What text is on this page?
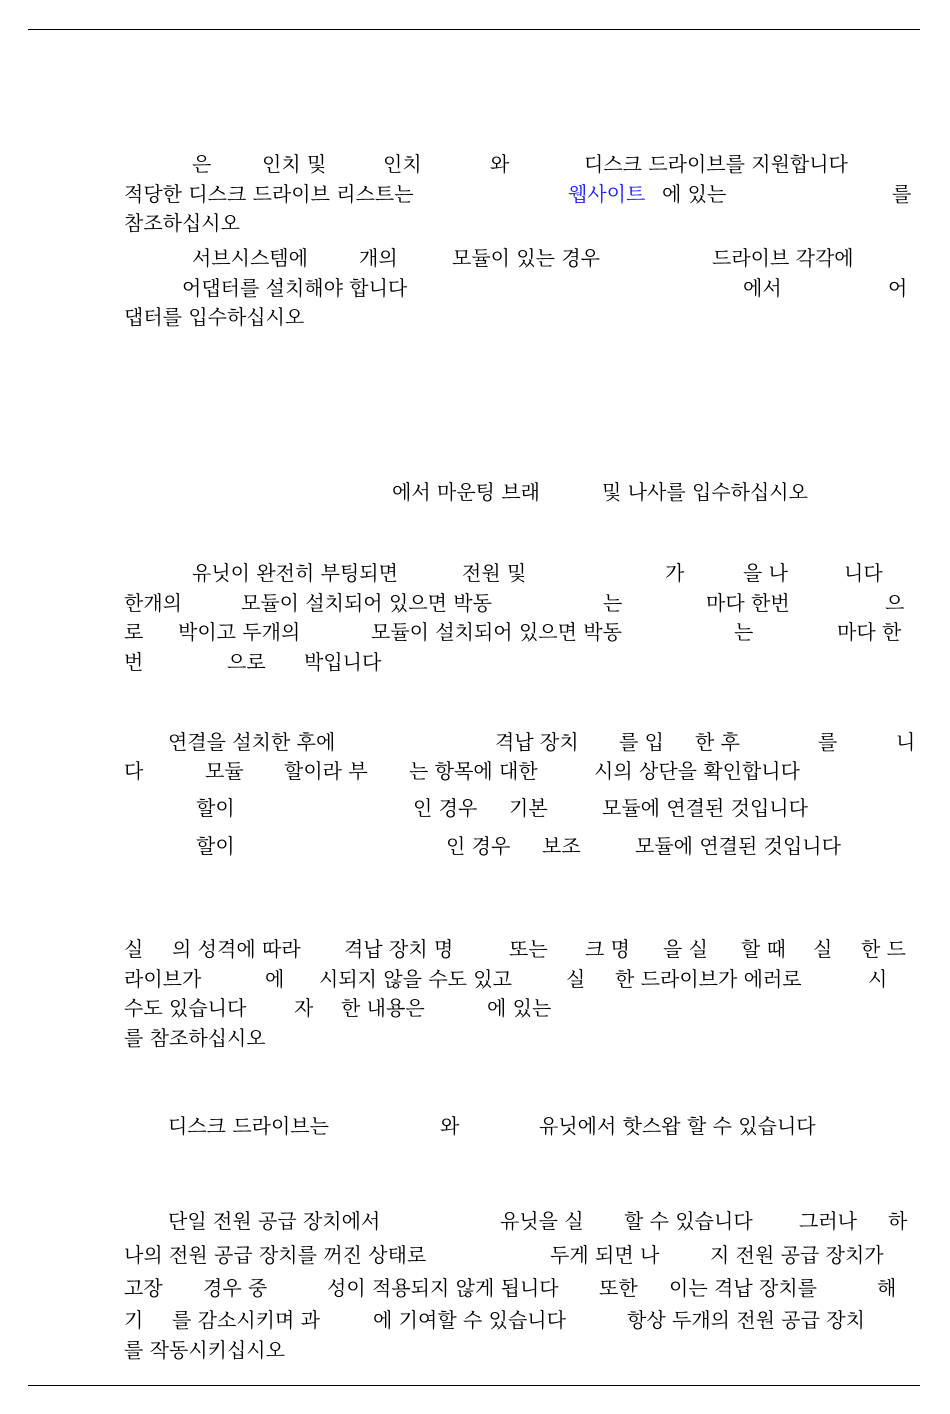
은	인치 및	인치	와	디스크 드라이브를 지원합니다
적당한 디스크 드라이브 리스트는	웹사이트 에 있는	를
참조하십시오
서브시스템에	개의	모듈이 있는 경우	드라이브 각각에
어댑터를 설치해야 합니다	에서	어
댑터를 입수하십시오
에서 마운팅 브래	및 나사를 입수하십시오
유닛이 완전히 부팅되면	전원 및	가	을 나	니다
한개의	모듈이 설치되어 있으면 박동	는	마다 한번	으
로 박이고 두개의	모듈이 설치되어 있으면 박동	는	마다 한
번	으로 박입니다
연결을 설치한 후에	격납 장치 를 입 한 후	를	니
다	모듈 할이라 부 는 항목에 대한	시의 상단을 확인합니다
할이	인 경우 기본	모듈에 연결된 것입니다
할이	인 경우 보조	모듈에 연결된 것입니다
실 의 성격에 따라 격납 장치 명	또는 크 명 을 실 할 때 실 한 드
라이브가	에 시되지 않을 수도 있고	실 한 드라이브가 에러로	시
수도 있습니다 자 한 내용은	에 있는
를 참조하십시오
디스크 드라이브는	와	유닛에서 핫스왑 할 수 있습니다
단일 전원 공급 장치에서	유닛을 실 할 수 있습니다 그러나 하
나의 전원 공급 장치를 꺼진 상태로	두게 되면 나	지 전원 공급 장치가
고장 경우 중	성이 적용되지 않게 됩니다 또한 이는 격납 장치를	해
기 를 감소시키며 과	에 기여할 수 있습니다	항상 두개의 전원 공급 장치
를 작동시키십시오
